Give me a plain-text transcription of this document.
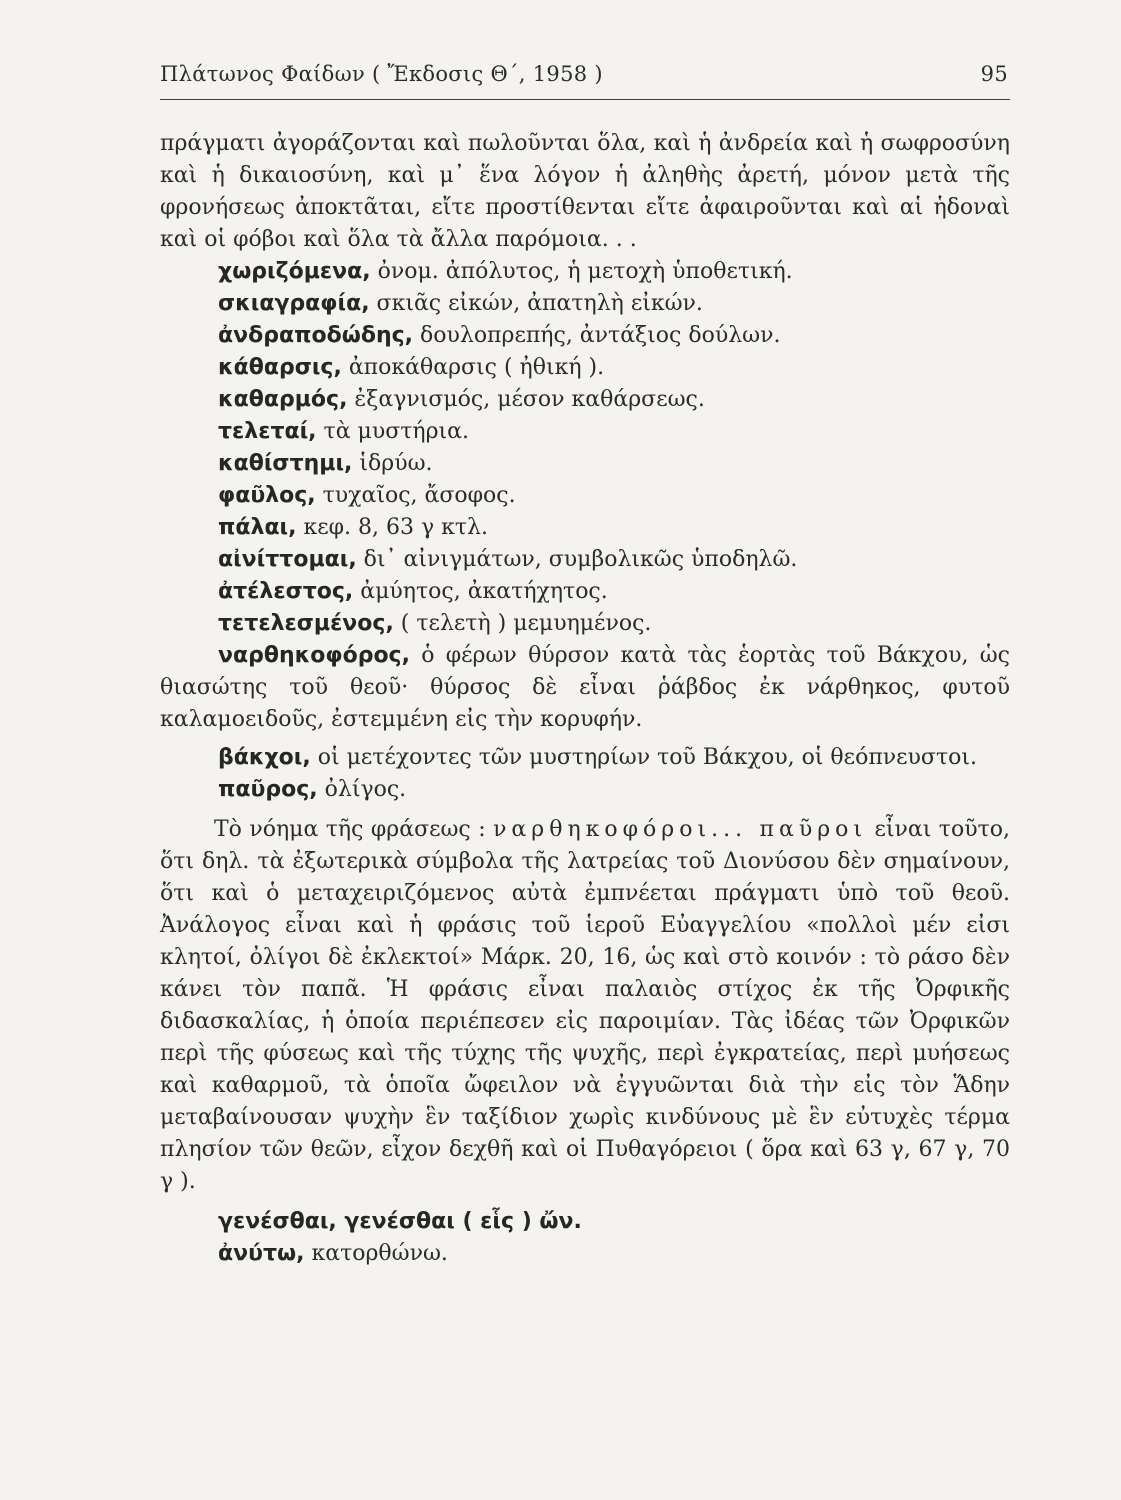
Πλάτωνος Φαίδων ( Ἔκδοσις Θ΄, 1958 )	95

πράγματι ἀγοράζονται καὶ πωλοῦνται ὅλα, καὶ ἡ ἀνδρεία καὶ ἡ σωφροσύνη καὶ ἡ δικαιοσύνη, καὶ μ᾿ ἕνα λόγον ἡ ἀληθὴς ἀρετή, μόνον μετὰ τῆς φρονήσεως ἀποκτᾶται, εἴτε προστίθενται εἴτε ἀφαιροῦνται καὶ αἱ ἡδοναὶ καὶ οἱ φόβοι καὶ ὅλα τὰ ἄλλα παρόμοια. . .

χωριζόμενα, ὀνομ. ἀπόλυτος, ἡ μετοχὴ ὑποθετική.
σκιαγραφία, σκιᾶς εἰκών, ἀπατηλὴ εἰκών.
ἀνδραποδώδης, δουλοπρεπής, ἀντάξιος δούλων.
κάθαρσις, ἀποκάθαρσις ( ἠθική ).
καθαρμός, ἐξαγνισμός, μέσον καθάρσεως.
τελεταί, τὰ μυστήρια.
καθίστημι, ἱδρύω.
φαῦλος, τυχαῖος, ἄσοφος.
πάλαι, κεφ. 8, 63 γ κτλ.
αἰνίττομαι, δι᾿ αἰνιγμάτων, συμβολικῶς ὑποδηλῶ.
ἀτέλεστος, ἀμύητος, ἀκατήχητος.
τετελεσμένος, ( τελετὴ ) μεμυημένος.
ναρθηκοφόρος, ὁ φέρων θύρσον κατὰ τὰς ἑορτὰς τοῦ Βάκχου, ὡς θιασώτης τοῦ θεοῦ· θύρσος δὲ εἶναι ῥάβδος ἐκ νάρθηκος, φυτοῦ καλαμοειδοῦς, ἐστεμμένη εἰς τὴν κορυφήν.
βάκχοι, οἱ μετέχοντες τῶν μυστηρίων τοῦ Βάκχου, οἱ θεόπνευστοι.
παῦρος, ὀλίγος.

Τὸ νόημα τῆς φράσεως : ναρθηκοφόροι... παῦροι εἶναι τοῦτο, ὅτι δηλ. τὰ ἐξωτερικὰ σύμβολα τῆς λατρείας τοῦ Διονύσου δὲν σημαίνουν, ὅτι καὶ ὁ μεταχειριζόμενος αὐτὰ ἐμπνέεται πράγματι ὑπὸ τοῦ θεοῦ. Ἀνάλογος εἶναι καὶ ἡ φράσις τοῦ ἱεροῦ Εὐαγγελίου «πολλοὶ μέν εἰσι κλητοί, ὀλίγοι δὲ ἐκλεκτοί» Μάρκ. 20, 16, ὡς καὶ στὸ κοινόν : τὸ ράσο δὲν κάνει τὸν παπᾶ. Ἡ φράσις εἶναι παλαιὸς στίχος ἐκ τῆς Ὀρφικῆς διδασκαλίας, ἡ ὁποία περιέπεσεν εἰς παροιμίαν. Τὰς ἰδέας τῶν Ὀρφικῶν περὶ τῆς φύσεως καὶ τῆς τύχης τῆς ψυχῆς, περὶ ἐγκρατείας, περὶ μυήσεως καὶ καθαρμοῦ, τὰ ὁποῖα ὤφειλον νὰ ἐγγυῶνται διὰ τὴν εἰς τὸν Ἅδην μεταβαίνουσαν ψυχὴν ἓν ταξίδιον χωρὶς κινδύνους μὲ ἓν εὐτυχὲς τέρμα πλησίον τῶν θεῶν, εἶχον δεχθῆ καὶ οἱ Πυθαγόρειοι ( ὅρα καὶ 63 γ, 67 γ, 70 γ ).

γενέσθαι, γενέσθαι ( εἷς ) ὤν.
ἀνύτω, κατορθώνω.
